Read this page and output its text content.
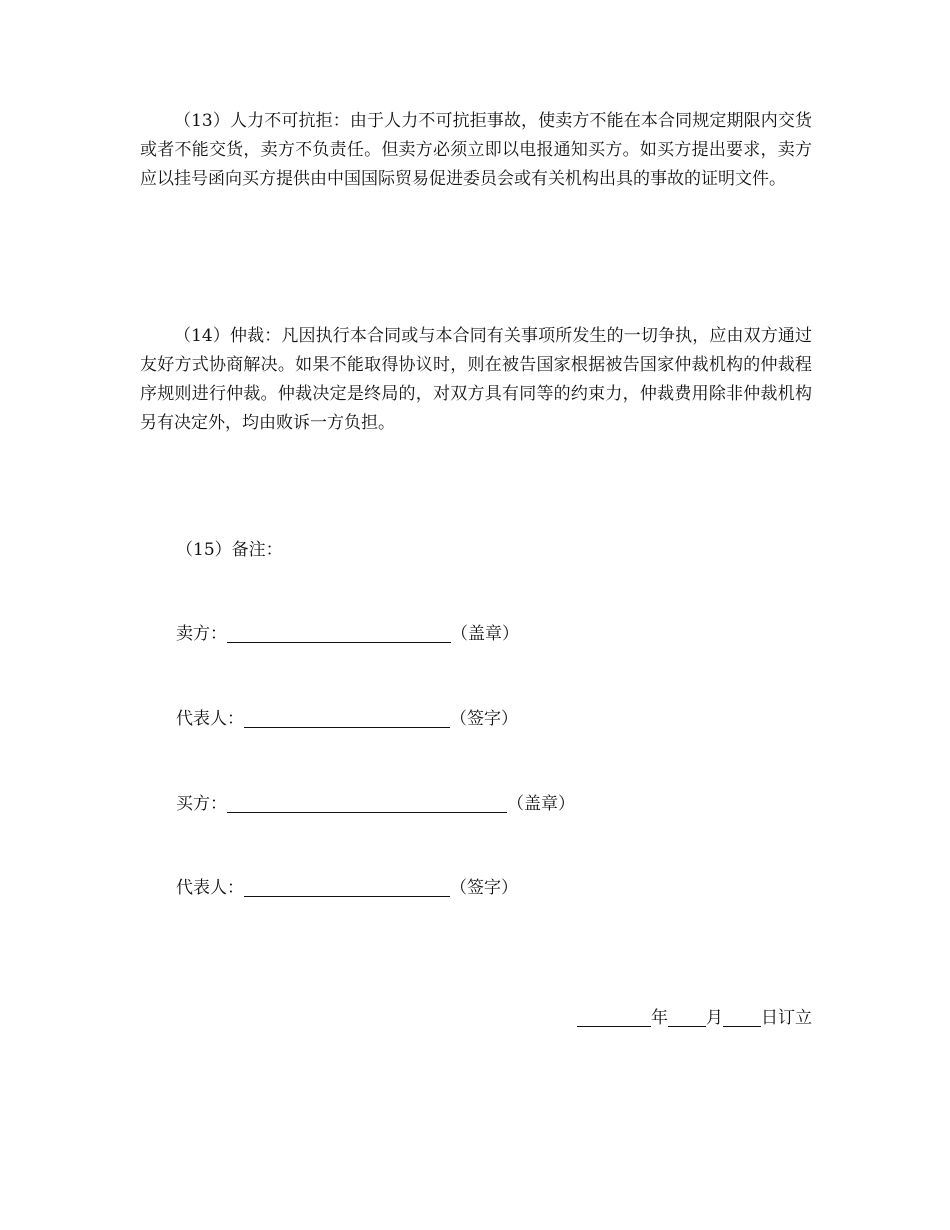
（13）人力不可抗拒：由于人力不可抗拒事故，使卖方不能在本合同规定期限内交货或者不能交货，卖方不负责任。但卖方必须立即以电报通知买方。如买方提出要求，卖方应以挂号函向买方提供由中国国际贸易促进委员会或有关机构出具的事故的证明文件。

（14）仲裁：凡因执行本合同或与本合同有关事项所发生的一切争执，应由双方通过友好方式协商解决。如果不能取得协议时，则在被告国家根据被告国家仲裁机构的仲裁程序规则进行仲裁。仲裁决定是终局的，对双方具有同等的约束力，仲裁费用除非仲裁机构另有决定外，均由败诉一方负担。

（15）备注：

卖方：	（盖章）

代表人：	（签字）

买方：	（盖章）

代表人：	（签字）

年 月 日订立
